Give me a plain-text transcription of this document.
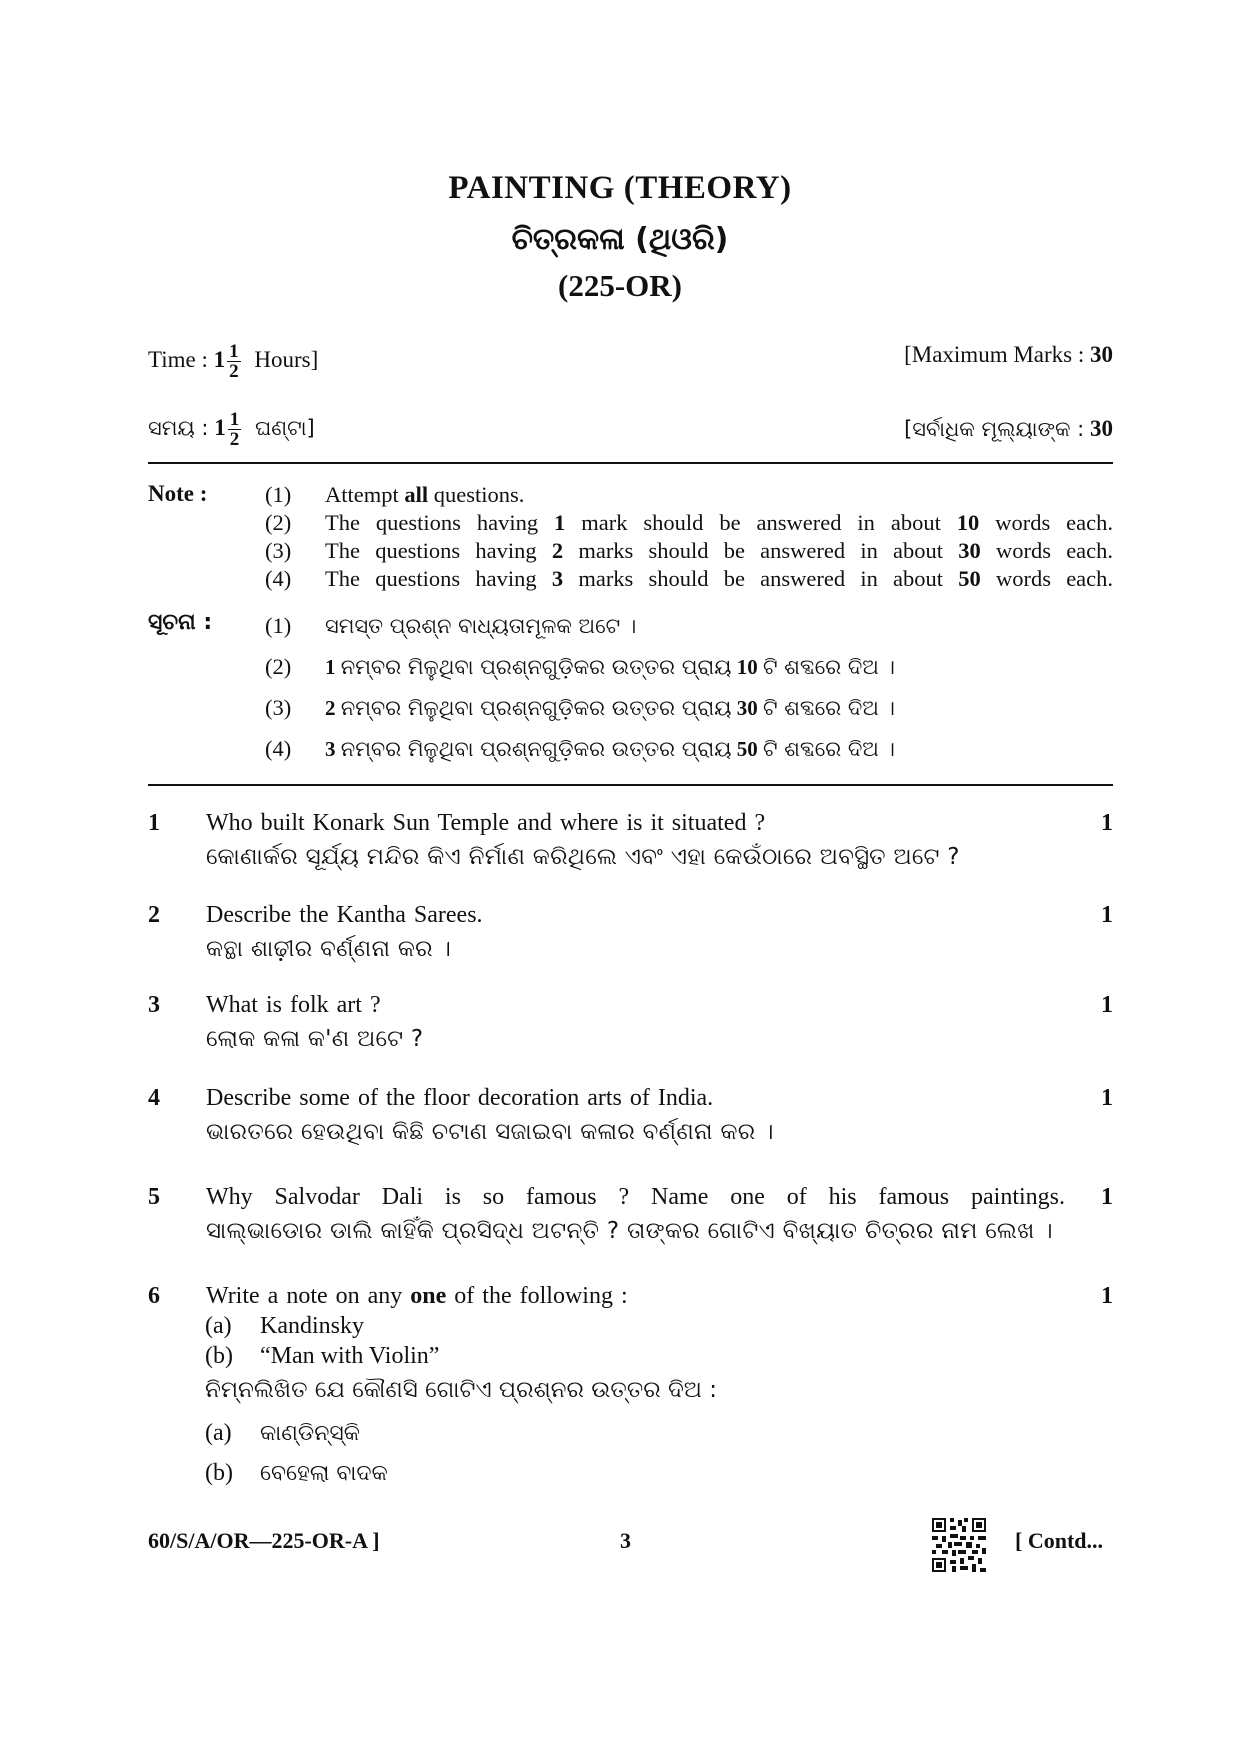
PAINTING (THEORY)
ଚିତ୍ରକଳା (ଥିଓରି)
(225-OR)
Time : $1 \frac{1}{2}$ Hours]	[Maximum Marks : 30
ସମୟ : $1 \frac{1}{2}$ ଘଣ୍ଟା]	[ସର୍ବାଧିକ ମୂଲ୍ୟାଙ୍କ : 30
Note :	(1) Attempt all questions.
(2) The questions having 1 mark should be answered in about 10 words each.
(3) The questions having 2 marks should be answered in about 30 words each.
(4) The questions having 3 marks should be answered in about 50 words each.
ସୂଚନା : (1) ସମସ୍ତ ପ୍ରଶ୍ନ ବାଧ୍ୟତାମୂଳକ ଅଟେ ।
(2) 1 ନମ୍ବର ମିଳୁଥିବା ପ୍ରଶ୍ନଗୁଡ଼ିକର ଉତ୍ତର ପ୍ରାୟ 10 ଟି ଶବ୍ଦରେ ଦିଅ ।
(3) 2 ନମ୍ବର ମିଳୁଥିବା ପ୍ରଶ୍ନଗୁଡ଼ିକର ଉତ୍ତର ପ୍ରାୟ 30 ଟି ଶବ୍ଦରେ ଦିଅ ।
(4) 3 ନମ୍ବର ମିଳୁଥିବା ପ୍ରଶ୍ନଗୁଡ଼ିକର ଉତ୍ତର ପ୍ରାୟ 50 ଟି ଶବ୍ଦରେ ଦିଅ ।
1 Who built Konark Sun Temple and where is it situated ?	1
କୋଣାର୍କର ସୂର୍ଯ୍ୟ ମନ୍ଦିର କିଏ ନିର୍ମାଣ କରିଥିଲେ ଏବଂ ଏହା କେଉଁଠାରେ ଅବସ୍ଥିତ ଅଟେ ?
2 Describe the Kantha Sarees.	1
କନ୍ଥା ଶାଢ଼ୀର ବର୍ଣ୍ଣନା କର ।
3 What is folk art ?	1
ଲୋକ କଳା କ'ଣ ଅଟେ ?
4 Describe some of the floor decoration arts of India.	1
ଭାରତରେ ହେଉଥିବା କିଛି ଚଟାଣ ସଜାଇବା କଳାର ବର୍ଣ୍ଣନା କର ।
5 Why Salvodar Dali is so famous ? Name one of his famous paintings. 1
ସାଲ୍‌ଭାଡୋର ଡାଲି କାହିଁକି ପ୍ରସିଦ୍ଧ ଅଟନ୍ତି ? ତାଙ୍କର ଗୋଟିଏ ବିଖ୍ୟାତ ଚିତ୍ରର ନାମ ଲେଖ ।
6 Write a note on any one of the following :	1
(a) Kandinsky
(b) “Man with Violin”
ନିମ୍ନଲିଖିତ ଯେ କୌଣସି ଗୋଟିଏ ପ୍ରଶ୍ନର ଉତ୍ତର ଦିଅ :
(a) କାଣ୍ଡିନ୍‌ସ୍କି
(b) ବେହେଲା ବାଦକ
60/S/A/OR—225-OR-A ]	3	[ Contd...
